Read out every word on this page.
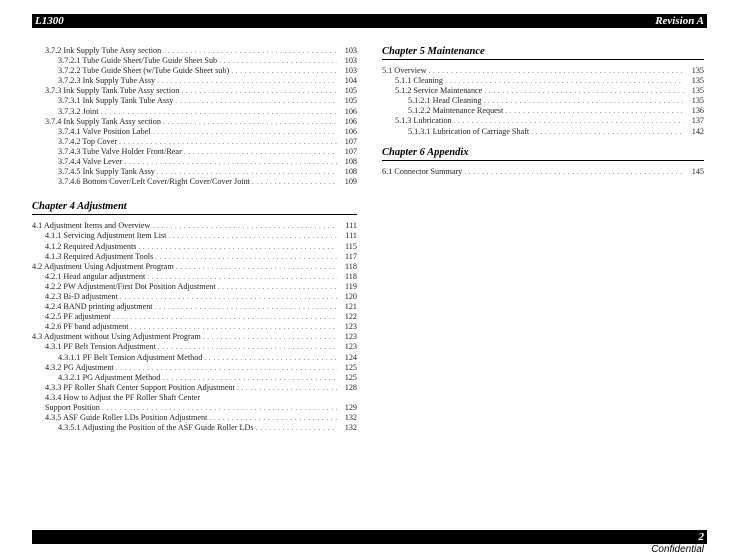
L1300	Revision A
3.7.2 Ink Supply Tube Assy section . . .	103
3.7.2.1 Tube Guide Sheet/Tube Guide Sheet Sub . . .	103
3.7.2.2 Tube Guide Sheet (w/Tube Guide Sheet sub) . . .	103
3.7.2.3 Ink Supply Tube Assy . . .	104
3.7.3 Ink Supply Tank Tube Assy section . . .	105
3.7.3.1 Ink Supply Tank Tube Assy . . .	105
3.7.3.2 Joint . . .	106
3.7.4 Ink Supply Tank Assy section . . .	106
3.7.4.1 Valve Position Label . . .	106
3.7.4.2 Top Cover . . .	107
3.7.4.3 Tube Valve Holder Front/Rear . . .	107
3.7.4.4 Valve Lever . . .	108
3.7.4.5 Ink Supply Tank Assy . . .	108
3.7.4.6 Bottom Cover/Left Cover/Right Cover/Cover Joint . . .	109
Chapter 4 Adjustment
4.1 Adjustment Items and Overview . . .	111
4.1.1 Servicing Adjustment Item List . . .	111
4.1.2 Required Adjustments . . .	115
4.1.3 Required Adjustment Tools . . .	117
4.2 Adjustment Using Adjustment Program . . .	118
4.2.1 Head angular adjustment . . .	118
4.2.2 PW Adjustment/First Dot Position Adjustment . . .	119
4.2.3 Bi-D adjustment . . .	120
4.2.4 BAND printing adjustment . . .	121
4.2.5 PF adjustment . . .	122
4.2.6 PF band adjustment . . .	123
4.3 Adjustment without Using Adjustment Program . . .	123
4.3.1 PF Belt Tension Adjustment . . .	123
4.3.1.1 PF Belt Tension Adjustment Method . . .	124
4.3.2 PG Adjustment . . .	125
4.3.2.1 PG Adjustment Method . . .	125
4.3.3 PF Roller Shaft Center Support Position Adjustment . . .	128
4.3.4 How to Adjust the PF Roller Shaft Center
Support Position . . .	129
4.3.5 ASF Guide Roller LDs Position Adjustment . . .	132
4.3.5.1 Adjusting the Position of the ASF Guide Roller LDs . . .	132
Chapter 5 Maintenance
5.1 Overview . . .	135
5.1.1 Cleaning . . .	135
5.1.2 Service Maintenance . . .	135
5.1.2.1 Head Cleaning . . .	135
5.1.2.2 Maintenance Request . . .	136
5.1.3 Lubrication . . .	137
5.1.3.1 Lubrication of Carriage Shaft . . .	142
Chapter 6 Appendix
6.1 Connector Summary . . .	145
2
Confidential
